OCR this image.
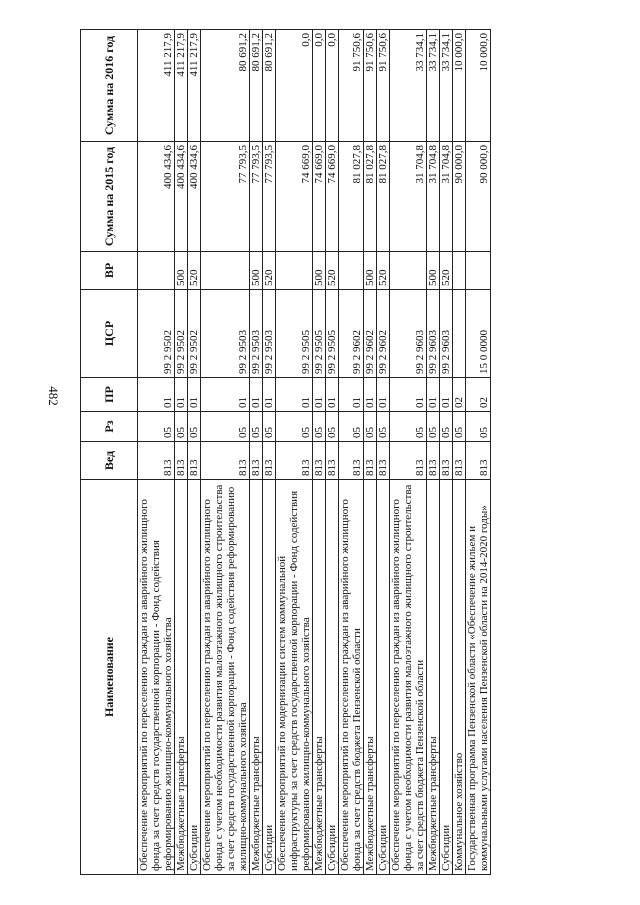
482
Наименование	Вед	Рз	ПР	ЦСР	ВР	Сумма на 2015 год	Сумма на 2016 год
Обеспечение мероприятий по переселению граждан из аварийного жилищного фонда за счет средств государственной корпорации - Фонд содействия реформированию жилищно-коммунального хозяйства	813	05	01	99 2 9502		400 434,6	411 217,9
Межбюджетные трансферты	813	05	01	99 2 9502	500	400 434,6	411 217,9
Субсидии	813	05	01	99 2 9502	520	400 434,6	411 217,9
Обеспечение мероприятий по переселению граждан из аварийного жилищного фонда с учетом необходимости развития малоэтажного жилищного строительства за счет средств государственной корпорации - Фонд содействия реформированию жилищно-коммунального хозяйства	813	05	01	99 2 9503		77 793,5	80 691,2
Межбюджетные трансферты	813	05	01	99 2 9503	500	77 793,5	80 691,2
Субсидии	813	05	01	99 2 9503	520	77 793,5	80 691,2
Обеспечение мероприятий по модернизации систем коммунальной инфраструктуры за счет средств государственной корпорации - Фонд содействия реформированию жилищно-коммунального хозяйства	813	05	01	99 2 9505		74 669,0	0,0
Межбюджетные трансферты	813	05	01	99 2 9505	500	74 669,0	0,0
Субсидии	813	05	01	99 2 9505	520	74 669,0	0,0
Обеспечение мероприятий по переселению граждан из аварийного жилищного фонда за счет средств бюджета Пензенской области	813	05	01	99 2 9602		81 027,8	91 750,6
Межбюджетные трансферты	813	05	01	99 2 9602	500	81 027,8	91 750,6
Субсидии	813	05	01	99 2 9602	520	81 027,8	91 750,6
Обеспечение мероприятий по переселению граждан из аварийного жилищного фонда с учетом необходимости развития малоэтажного жилищного строительства за счет средств бюджета Пензенской области	813	05	01	99 2 9603		31 704,8	33 734,1
Межбюджетные трансферты	813	05	01	99 2 9603	500	31 704,8	33 734,1
Субсидии	813	05	01	99 2 9603	520	31 704,8	33 734,1
Коммунальное хозяйство	813	05	02			90 000,0	10 000,0
Государственная программа Пензенской области «Обеспечение жильем и коммунальными услугами населения Пензенской области на 2014-2020 годы»	813	05	02	15 0 0000		90 000,0	10 000,0
